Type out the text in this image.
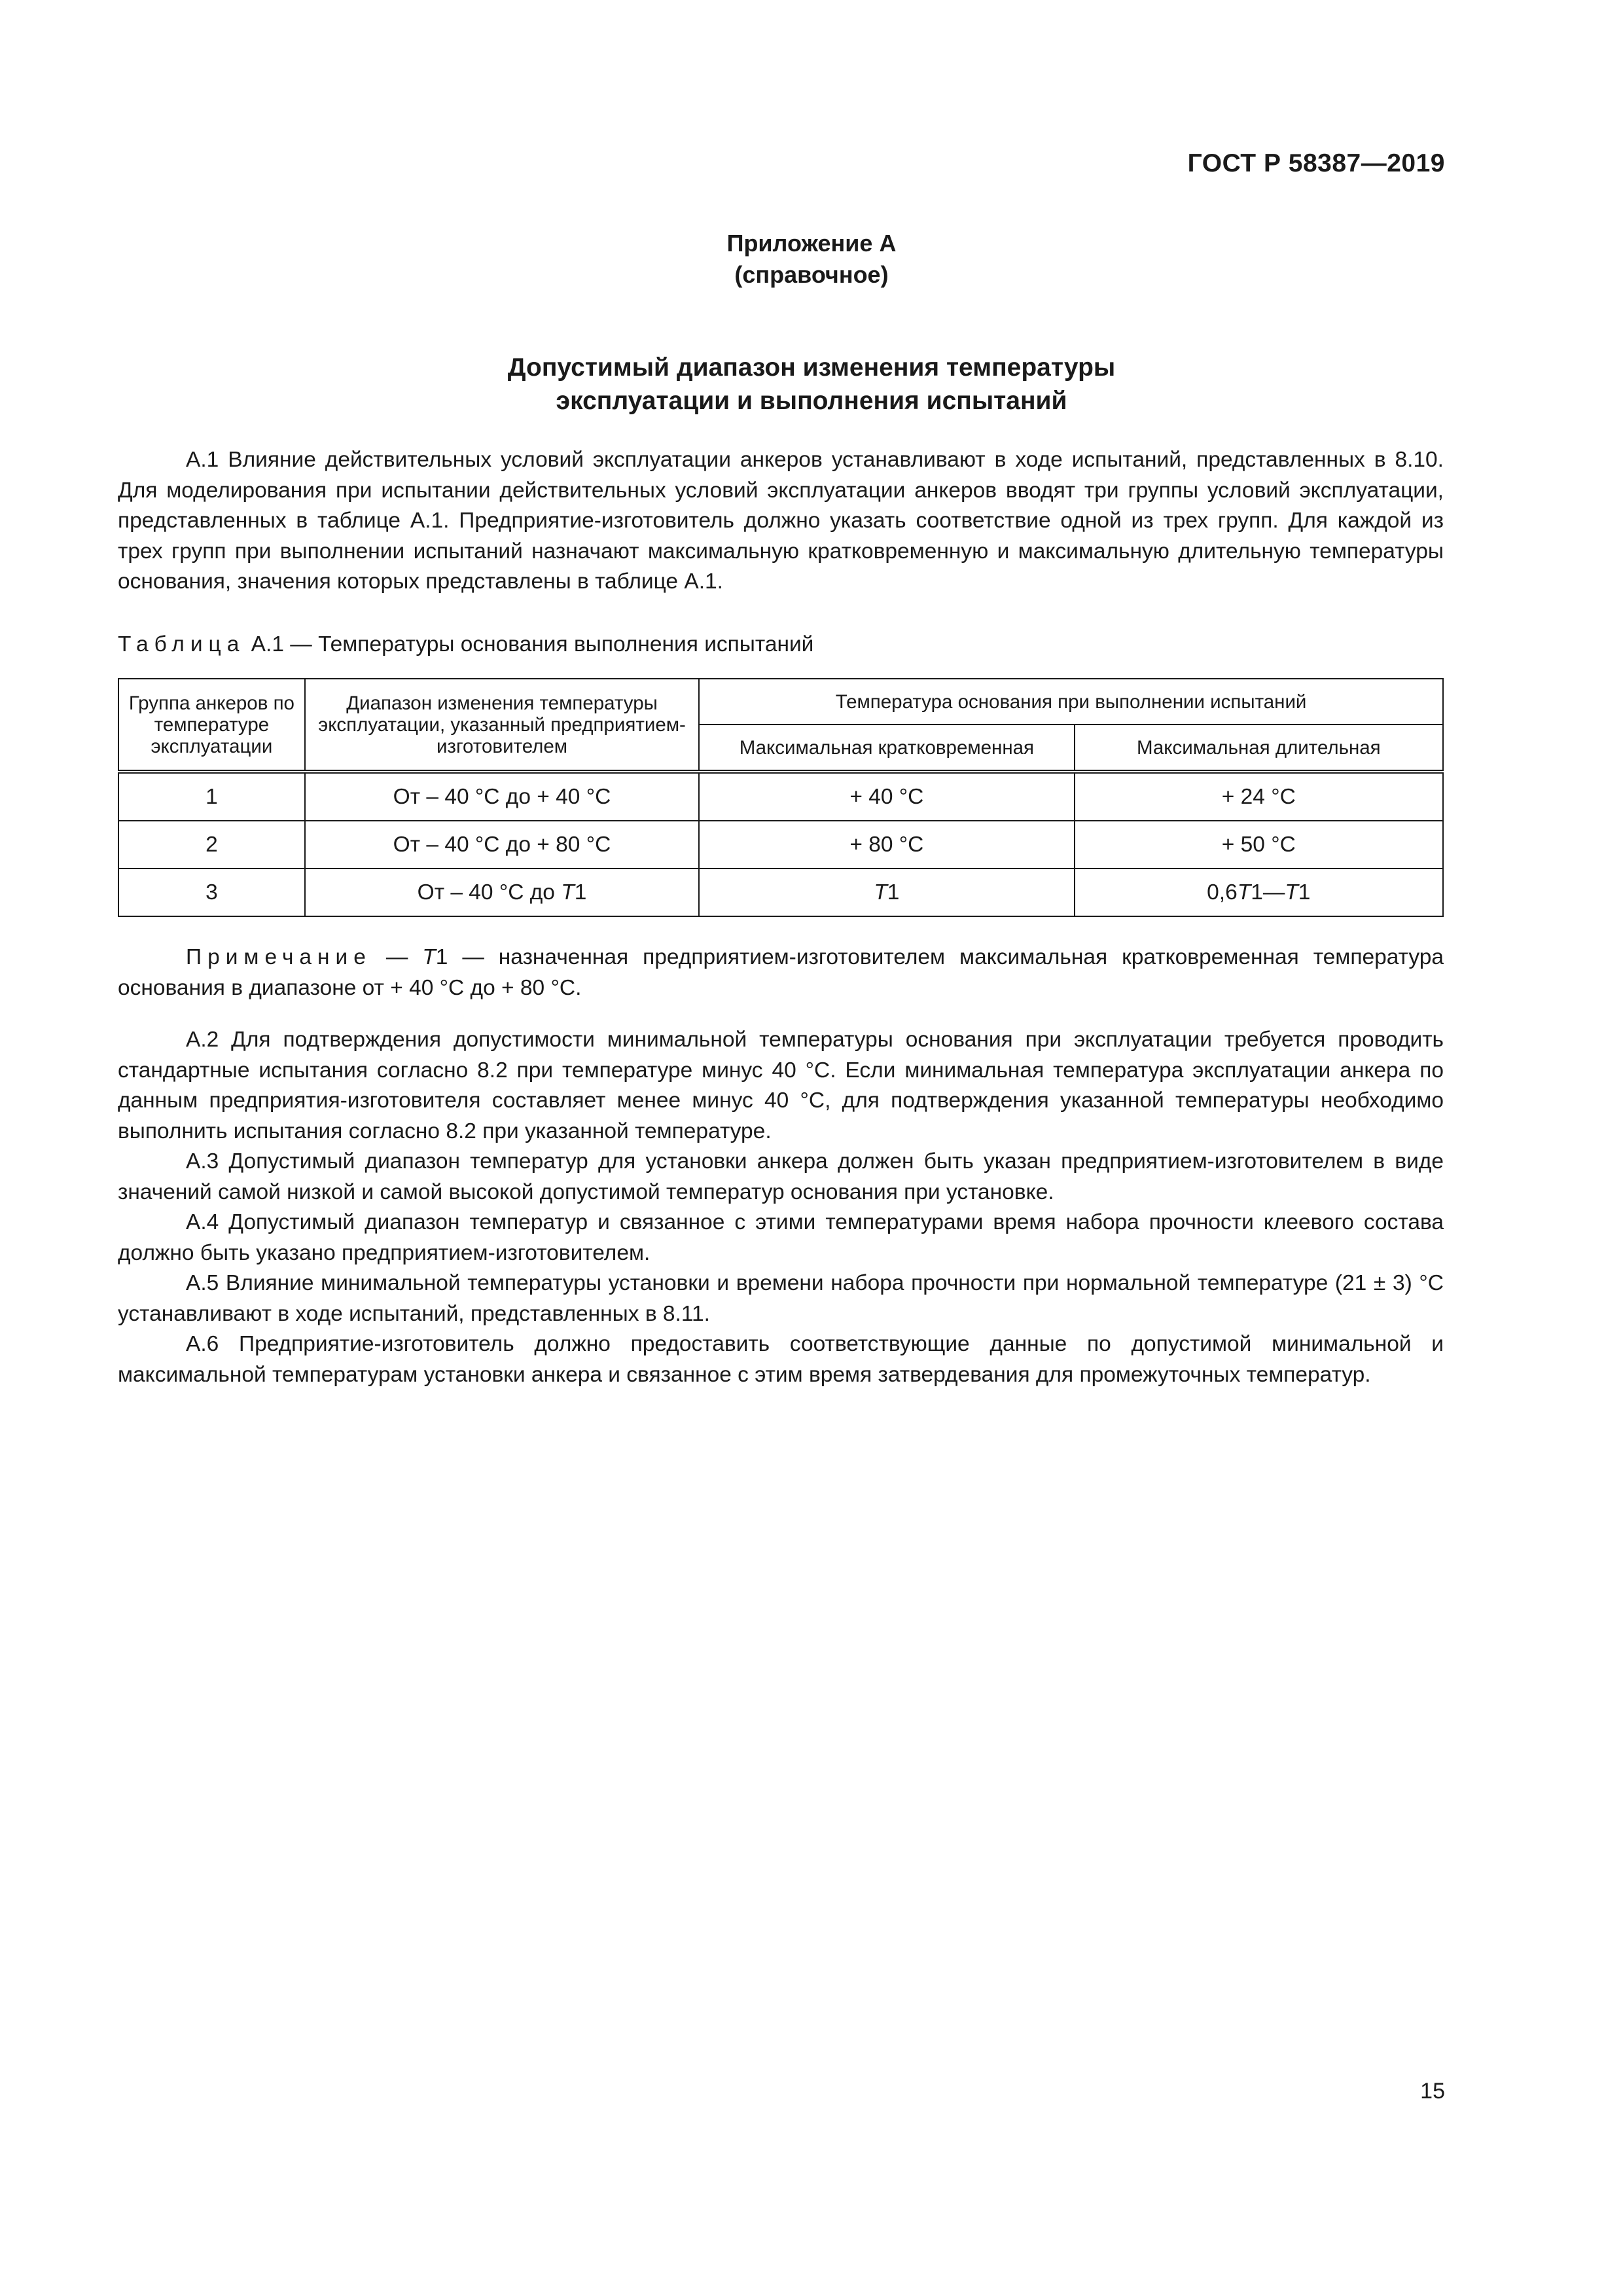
ГОСТ Р 58387—2019
Приложение А
(справочное)
Допустимый диапазон изменения температуры
эксплуатации и выполнения испытаний

А.1 Влияние действительных условий эксплуатации анкеров устанавливают в ходе испытаний, представленных в 8.10. Для моделирования при испытании действительных условий эксплуатации анкеров вводят три группы условий эксплуатации, представленных в таблице А.1. Предприятие-изготовитель должно указать соответствие одной из трех групп. Для каждой из трех групп при выполнении испытаний назначают максимальную кратковременную и максимальную длительную температуры основания, значения которых представлены в таблице А.1.

Таблица А.1 — Температуры основания выполнения испытаний
Группа анкеров по температуре эксплуатации	Диапазон изменения температуры эксплуатации, указанный предприятием-изготовителем	Температура основания при выполнении испытаний	
		Максимальная кратковременная	Максимальная длительная
1	От – 40 °С до + 40 °С	+ 40 °С	+ 24 °С
2	От – 40 °С до + 80 °С	+ 80 °С	+ 50 °С
3	От – 40 °С до Т1	Т1	0,6Т1—Т1
Примечание — Т1 — назначенная предприятием-изготовителем максимальная кратковременная температура основания в диапазоне от + 40 °С до + 80 °С.

А.2 Для подтверждения допустимости минимальной температуры основания при эксплуатации требуется проводить стандартные испытания согласно 8.2 при температуре минус 40 °С. Если минимальная температура эксплуатации анкера по данным предприятия-изготовителя составляет менее минус 40 °С, для подтверждения указанной температуры необходимо выполнить испытания согласно 8.2 при указанной температуре.

А.3 Допустимый диапазон температур для установки анкера должен быть указан предприятием-изготовителем в виде значений самой низкой и самой высокой допустимой температур основания при установке.

А.4 Допустимый диапазон температур и связанное с этими температурами время набора прочности клеевого состава должно быть указано предприятием-изготовителем.

А.5 Влияние минимальной температуры установки и времени набора прочности при нормальной температуре (21 ± 3) °С устанавливают в ходе испытаний, представленных в 8.11.

А.6 Предприятие-изготовитель должно предоставить соответствующие данные по допустимой минимальной и максимальной температурам установки анкера и связанное с этим время затвердевания для промежуточных температур.

15
